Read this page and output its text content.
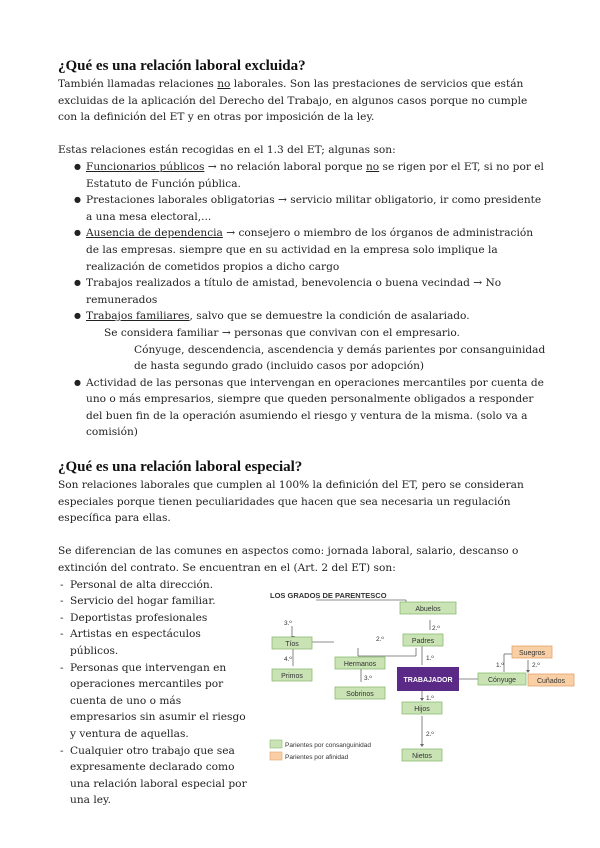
¿Qué es una relación laboral excluida?

También llamadas relaciones no laborales. Son las prestaciones de servicios que están excluidas de la aplicación del Derecho del Trabajo, en algunos casos porque no cumple con la definición del ET y en otras por imposición de la ley.

Estas relaciones están recogidas en el 1.3 del ET; algunas son:

● Funcionarios públicos → no relación laboral porque no se rigen por el ET, si no por el Estatuto de Función pública.
● Prestaciones laborales obligatorias → servicio militar obligatorio, ir como presidente a una mesa electoral,...
● Ausencia de dependencia → consejero o miembro de los órganos de administración de las empresas. siempre que en su actividad en la empresa solo implique la realización de cometidos propios a dicho cargo
● Trabajos realizados a título de amistad, benevolencia o buena vecindad → No remunerados
● Trabajos familiares, salvo que se demuestre la condición de asalariado.
Se considera familiar → personas que convivan con el empresario.
Cónyuge, descendencia, ascendencia y demás parientes por consanguinidad de hasta segundo grado (incluido casos por adopción)
● Actividad de las personas que intervengan en operaciones mercantiles por cuenta de uno o más empresarios, siempre que queden personalmente obligados a responder del buen fin de la operación asumiendo el riesgo y ventura de la misma. (solo va a comisión)
¿Qué es una relación laboral especial?

Son relaciones laborales que cumplen al 100% la definición del ET, pero se consideran especiales porque tienen peculiaridades que hacen que sea necesaria un regulación específica para ellas.

Se diferencian de las comunes en aspectos como: jornada laboral, salario, descanso o extinción del contrato. Se encuentran en el (Art. 2 del ET) son:

- Personal de alta dirección.
- Servicio del hogar familiar.
- Deportistas profesionales
- Artistas en espectáculos públicos.
- Personas que intervengan en operaciones mercantiles por cuenta de uno o más empresarios sin asumir el riesgo y ventura de aquellas.
- Cualquier otro trabajo que sea expresamente declarado como una relación laboral especial por una ley.
LOS GRADOS DE PARENTESCO
Abuelos
Padres
Tíos
Primos
Hermanos
Sobrinos
Hijos
Nietos
TRABAJADOR
Suegros
Cónyuge	Cuñados
2.º
3.º
4.º
2.º
3.º
1.º
1.º
2.º
1.º	2.º
Parientes por consanguinidad
Parientes por afinidad
